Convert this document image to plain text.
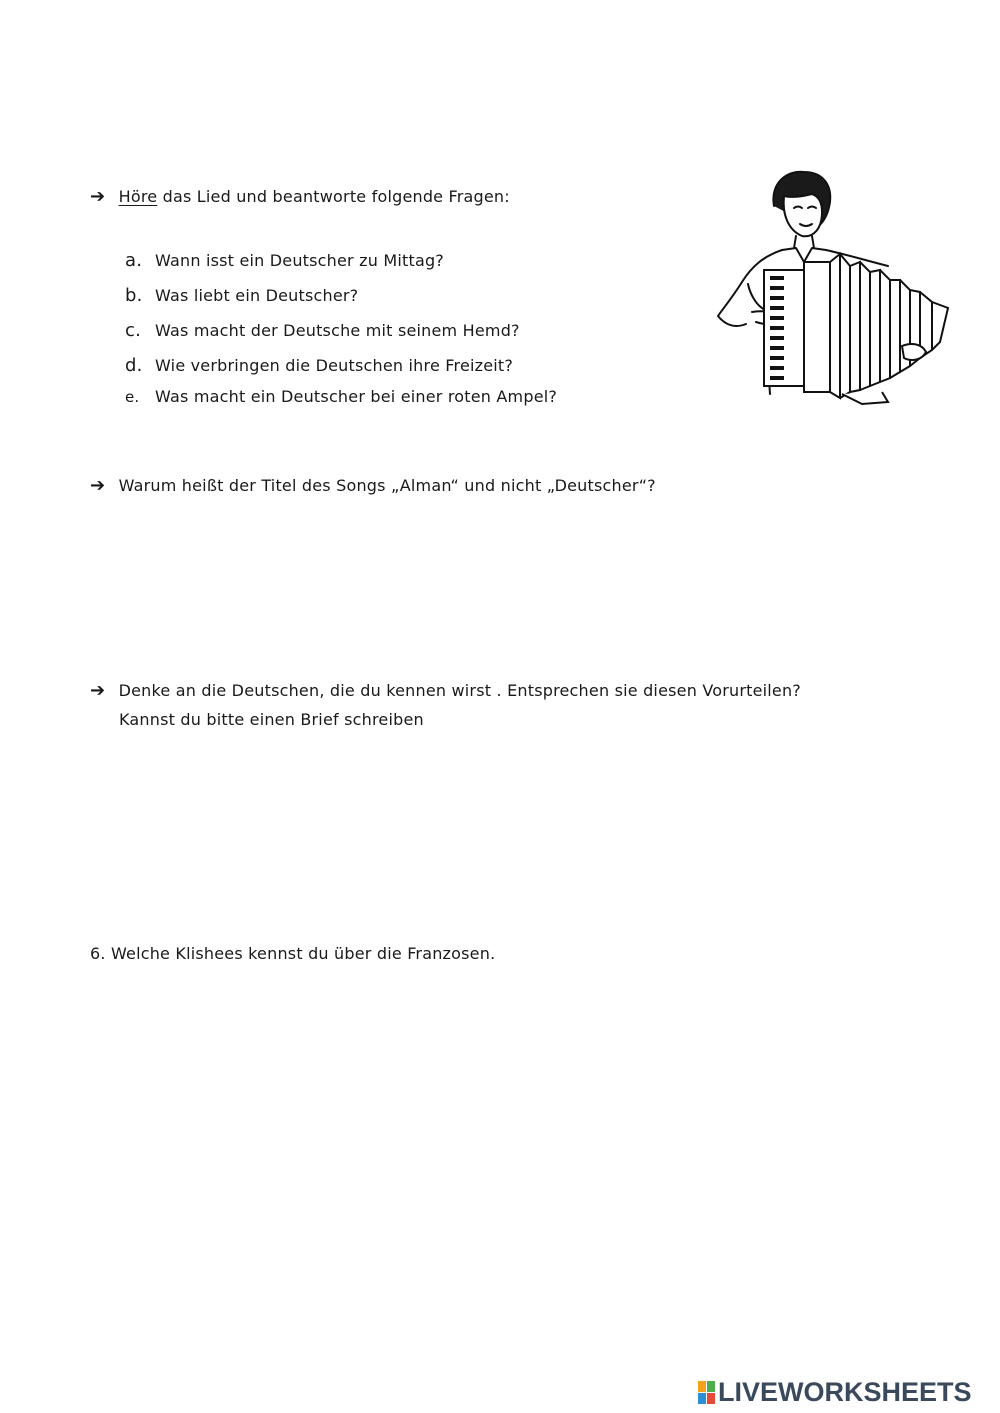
➔ Höre das Lied und beantworte folgende Fragen:
a. Wann isst ein Deutscher zu Mittag?
b. Was liebt ein Deutscher?
c. Was macht der Deutsche mit seinem Hemd?
d. Wie verbringen die Deutschen ihre Freizeit?
e. Was macht ein Deutscher bei einer roten Ampel?
➔ Warum heißt der Titel des Songs „Alman“ und nicht „Deutscher“?
➔ Denke an die Deutschen, die du kennen wirst . Entsprechen sie diesen Vorurteilen?
Kannst du bitte einen Brief schreiben
6. Welche Klishees kennst du über die Franzosen.
LIVEWORKSHEETS
